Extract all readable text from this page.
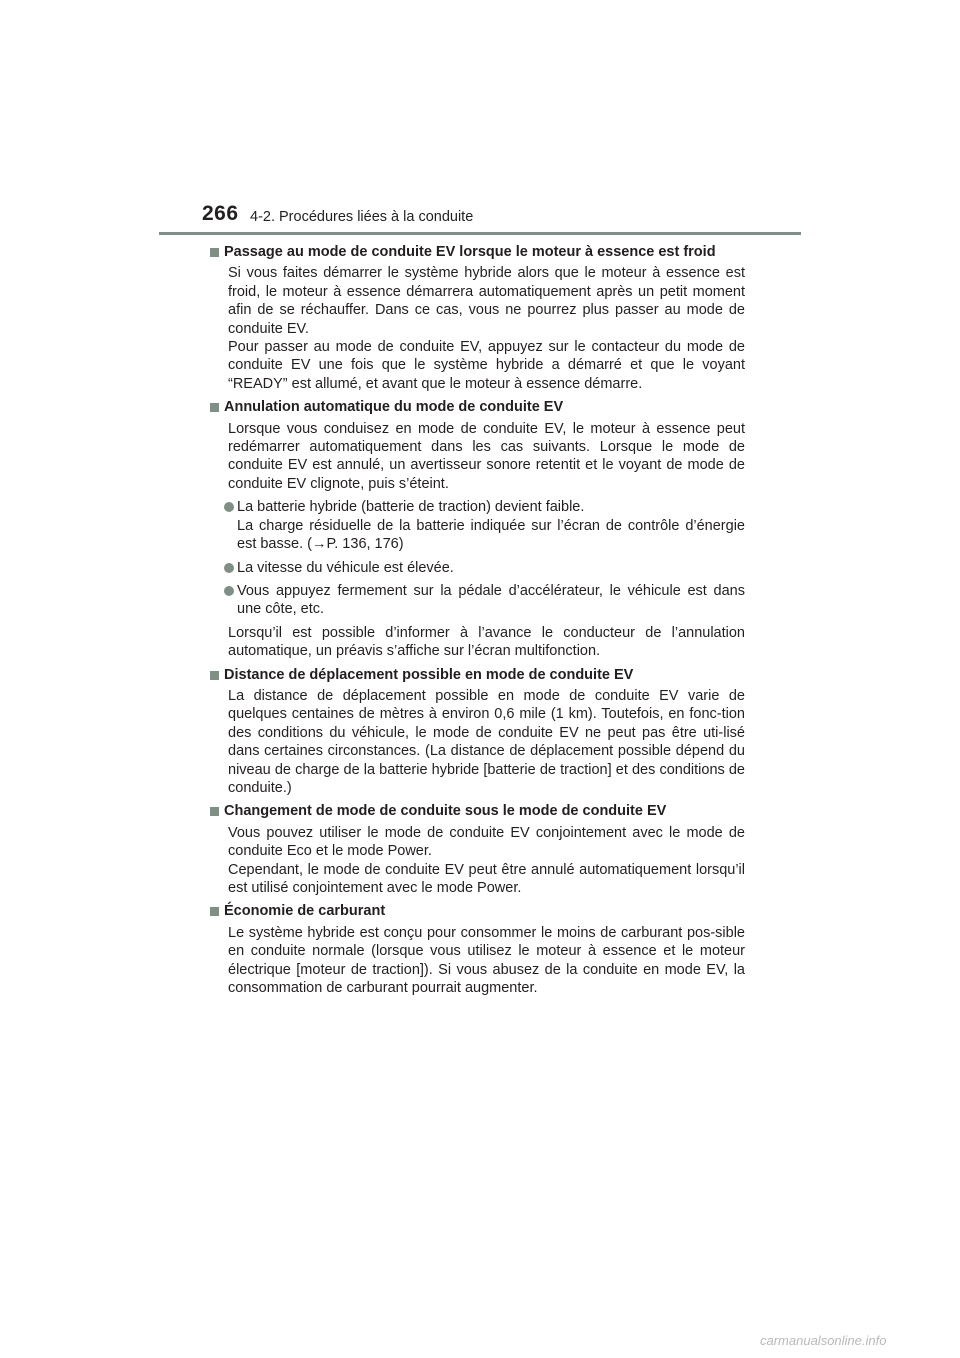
266 4-2. Procédures liées à la conduite
Passage au mode de conduite EV lorsque le moteur à essence est froid
Si vous faites démarrer le système hybride alors que le moteur à essence est froid, le moteur à essence démarrera automatiquement après un petit moment afin de se réchauffer. Dans ce cas, vous ne pourrez plus passer au mode de conduite EV.
Pour passer au mode de conduite EV, appuyez sur le contacteur du mode de conduite EV une fois que le système hybride a démarré et que le voyant “READY” est allumé, et avant que le moteur à essence démarre.
Annulation automatique du mode de conduite EV
Lorsque vous conduisez en mode de conduite EV, le moteur à essence peut redémarrer automatiquement dans les cas suivants. Lorsque le mode de conduite EV est annulé, un avertisseur sonore retentit et le voyant de mode de conduite EV clignote, puis s’éteint.
La batterie hybride (batterie de traction) devient faible.
La charge résiduelle de la batterie indiquée sur l’écran de contrôle d’énergie est basse. (→P. 136, 176)
La vitesse du véhicule est élevée.
Vous appuyez fermement sur la pédale d’accélérateur, le véhicule est dans une côte, etc.
Lorsqu’il est possible d’informer à l’avance le conducteur de l’annulation automatique, un préavis s’affiche sur l’écran multifonction.
Distance de déplacement possible en mode de conduite EV
La distance de déplacement possible en mode de conduite EV varie de quelques centaines de mètres à environ 0,6 mile (1 km). Toutefois, en fonc-tion des conditions du véhicule, le mode de conduite EV ne peut pas être uti-lisé dans certaines circonstances. (La distance de déplacement possible dépend du niveau de charge de la batterie hybride [batterie de traction] et des conditions de conduite.)
Changement de mode de conduite sous le mode de conduite EV
Vous pouvez utiliser le mode de conduite EV conjointement avec le mode de conduite Eco et le mode Power.
Cependant, le mode de conduite EV peut être annulé automatiquement lorsqu’il est utilisé conjointement avec le mode Power.
Économie de carburant
Le système hybride est conçu pour consommer le moins de carburant pos-sible en conduite normale (lorsque vous utilisez le moteur à essence et le moteur électrique [moteur de traction]). Si vous abusez de la conduite en mode EV, la consommation de carburant pourrait augmenter.
carmanualsonline.info
